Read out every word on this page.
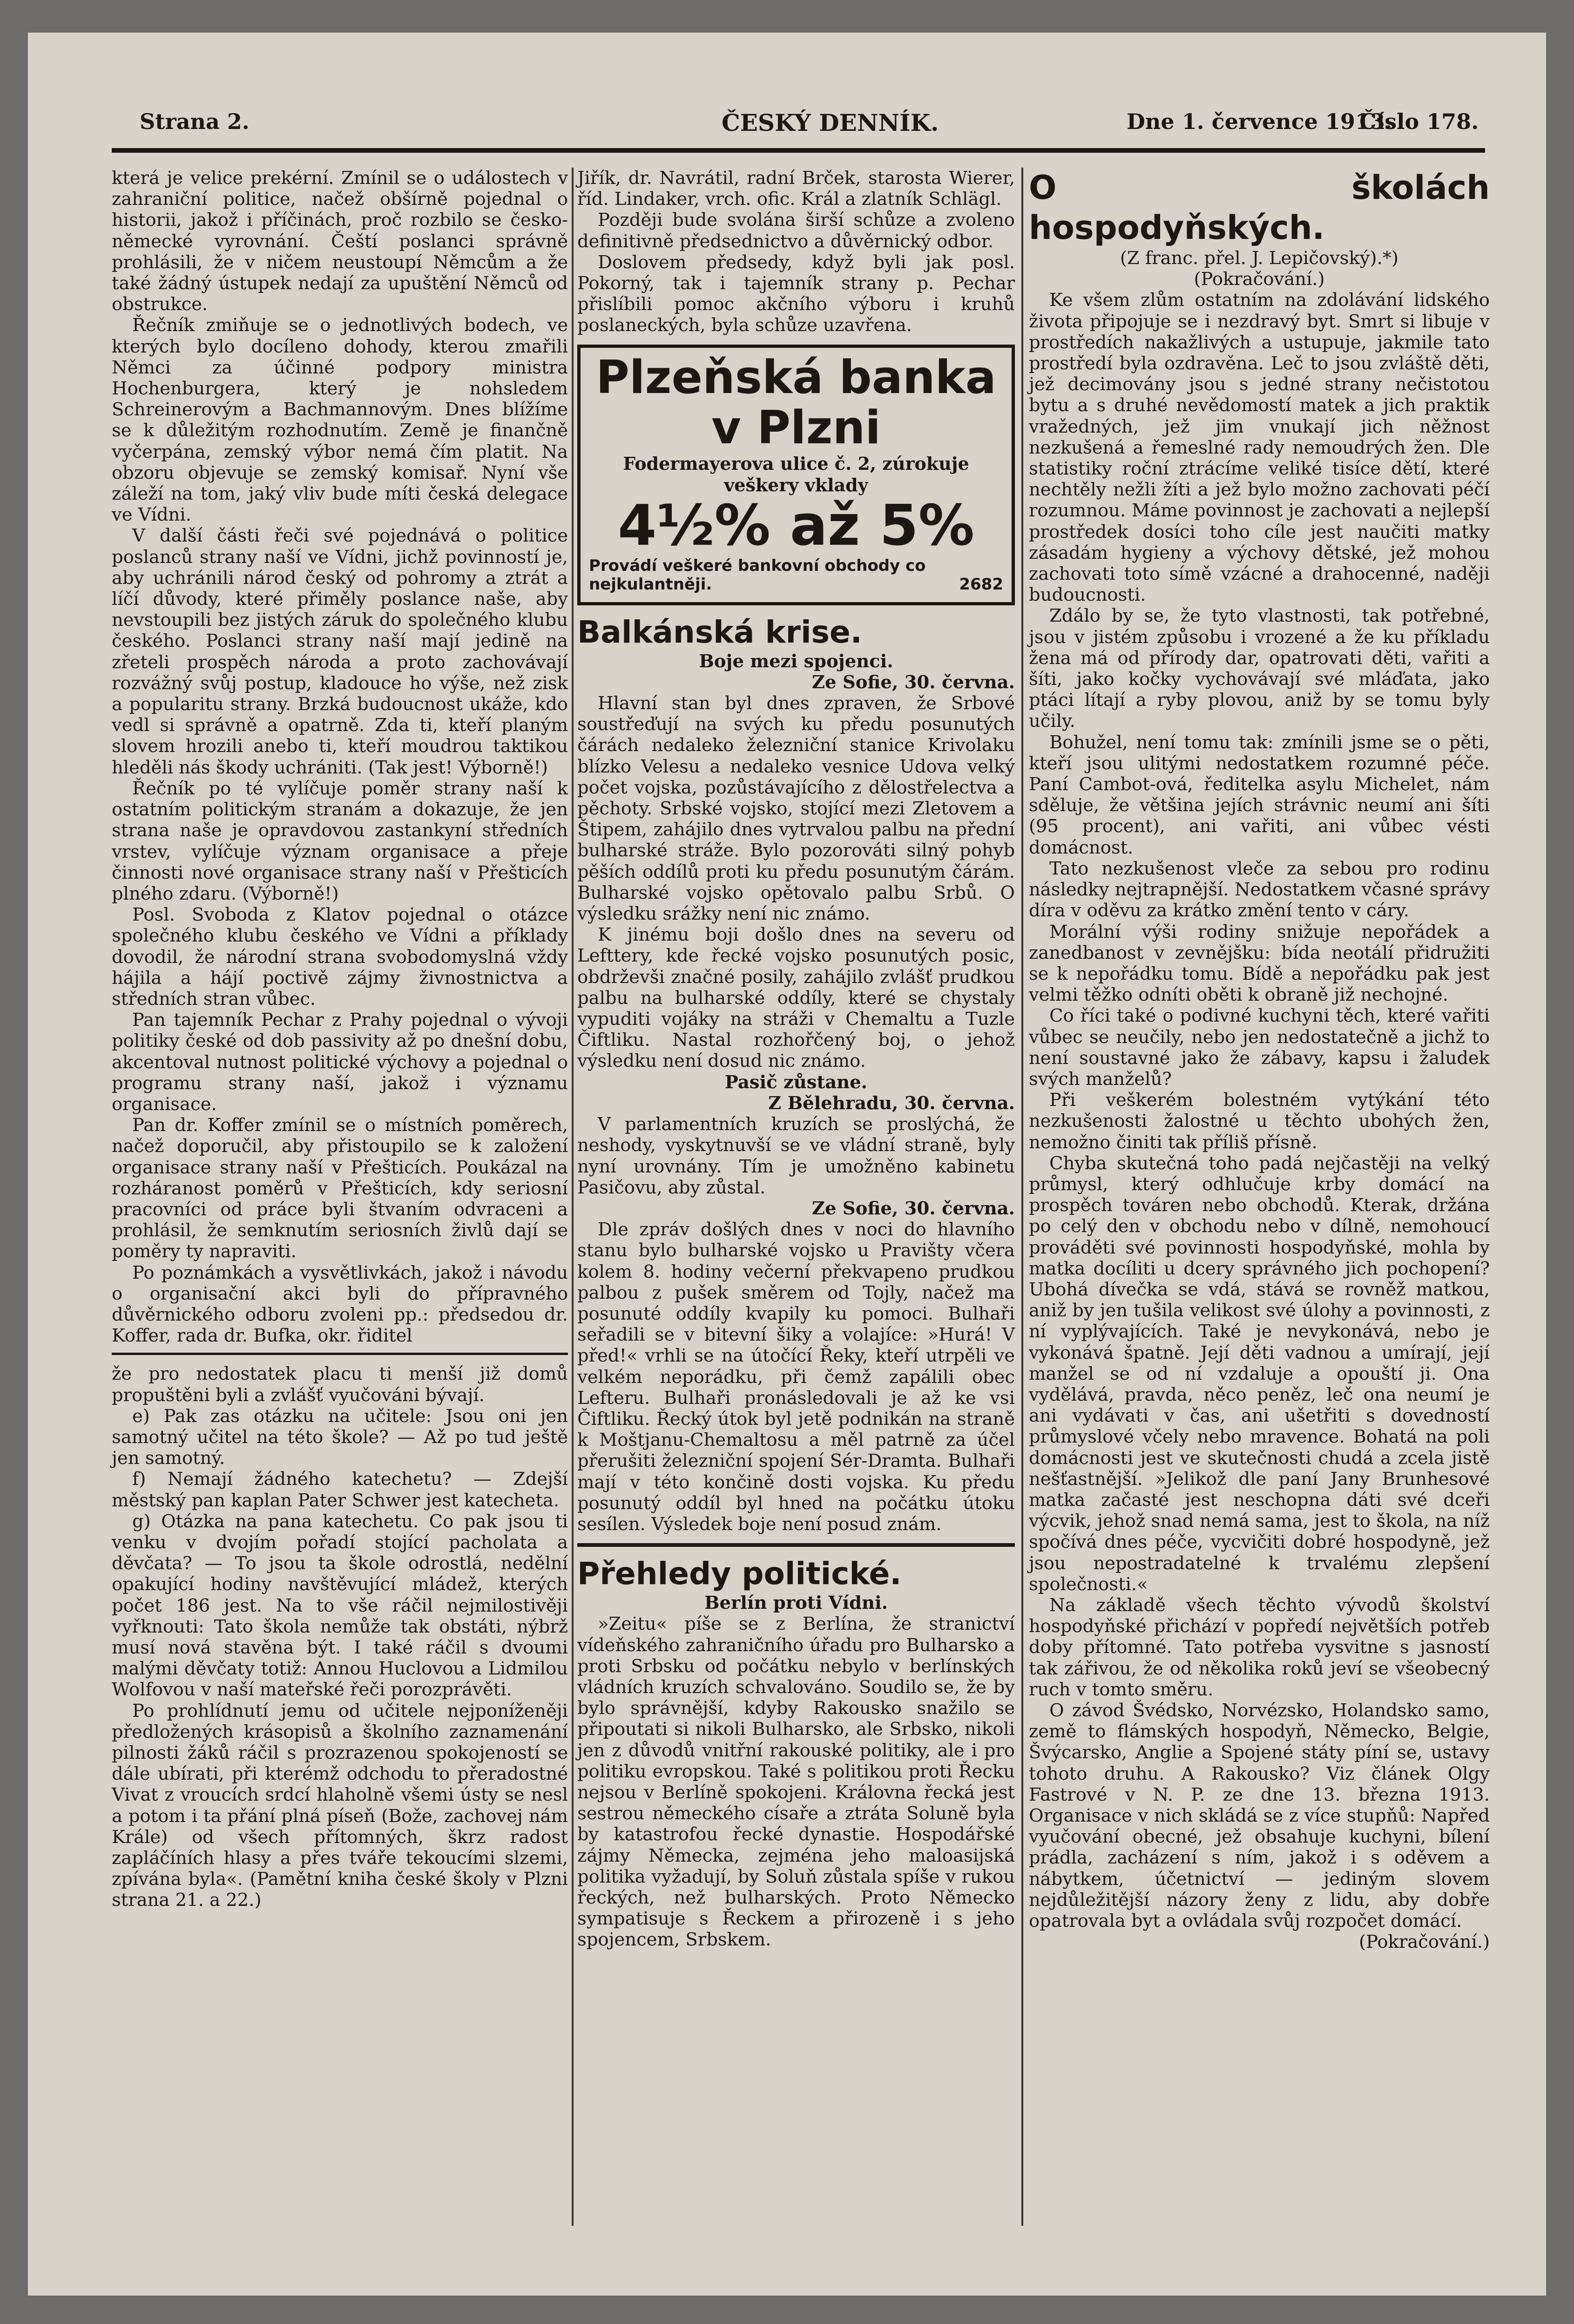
Strana 2.	ČESKÝ DENNÍK.	Dne 1. července 1913.
Číslo 178.

která je velice prekérní. Zmínil se o událostech v zahraniční politice, načež obšírně pojednal o historii, jakož i příčinách, proč rozbilo se česko-německé vyrovnání. Čeští poslanci správně prohlásili, že v ničem neustoupí Němcům a že také žádný ústupek nedají za upuštění Němců od obstrukce.

Řečník zmiňuje se o jednotlivých bodech, ve kterých bylo docíleno dohody, kterou zmařili Němci za účinné podpory ministra Hochenburgera, který je nohsledem Schreinerovým a Bachmannovým. Dnes blížíme se k důležitým rozhodnutím. Země je finančně vyčerpána, zemský výbor nemá čím platit. Na obzoru objevuje se zemský komisař. Nyní vše záleží na tom, jaký vliv bude míti česká delegace ve Vídni.

V další části řeči své pojednává o politice poslanců strany naší ve Vídni, jichž povinností je, aby uchránili národ český od pohromy a ztrát a líčí důvody, které přiměly poslance naše, aby nevstoupili bez jistých záruk do společného klubu českého. Poslanci strany naší mají jedině na zřeteli prospěch národa a proto zachovávají rozvážný svůj postup, kladouce ho výše, než zisk a popularitu strany. Brzká budoucnost ukáže, kdo vedl si správně a opatrně. Zda ti, kteří planým slovem hrozili anebo ti, kteří moudrou taktikou hleděli nás škody uchrániti. (Tak jest! Výborně!)

Řečník po té vylíčuje poměr strany naší k ostatním politickým stranám a dokazuje, že jen strana naše je opravdovou zastankyní středních vrstev, vylíčuje význam organisace a přeje činnosti nové organisace strany naší v Přešticích plného zdaru. (Výborně!)

Posl. Svoboda z Klatov pojednal o otázce společného klubu českého ve Vídni a příklady dovodil, že národní strana svobodomyslná vždy hájila a hájí poctivě zájmy živnostnictva a středních stran vůbec.

Pan tajemník Pechar z Prahy pojednal o vývoji politiky české od dob passivity až po dnešní dobu, akcentoval nutnost politické výchovy a pojednal o programu strany naší, jakož i významu organisace.

Pan dr. Koffer zmínil se o místních poměrech, načež doporučil, aby přistoupilo se k založení organisace strany naší v Přešticích. Poukázal na rozháranost poměrů v Přešticích, kdy seriosní pracovníci od práce byli štvaním odvraceni a prohlásil, že semknutím seriosních živlů dají se poměry ty napraviti.

Po poznámkách a vysvětlivkách, jakož i návodu o organisační akci byli do přípravného důvěrnického odboru zvoleni pp.: předsedou dr. Koffer, rada dr. Bufka, okr. řiditel

že pro nedostatek placu ti menší již domů propuštěni byli a zvlášť vyučováni bývají.

e) Pak zas otázku na učitele: Jsou oni jen samotný učitel na této škole? — Až po tud ještě jen samotný.

f) Nemají žádného katechetu? — Zdejší městský pan kaplan Pater Schwer jest katecheta.

g) Otázka na pana katechetu. Co pak jsou ti venku v dvojím pořadí stojící pacholata a děvčata? — To jsou ta škole odrostlá, nedělní opakující hodiny navštěvující mládež, kterých počet 186 jest. Na to vše ráčil nejmilostivěji vyřknouti: Tato škola nemůže tak obstáti, nýbrž musí nová stavěna být. I také ráčil s dvoumi malými děvčaty totiž: Annou Huclovou a Lidmilou Wolfovou v naší mateřské řeči porozprávěti.

Po prohlídnutí jemu od učitele nejponíženěji předložených krásopisů a školního zaznamenání pilnosti žáků ráčil s prozrazenou spokojeností se dále ubírati, při kterémž odchodu to přeradostné Vivat z vroucích srdcí hlaholně všemi ústy se nesl a potom i ta přání plná píseň (Bože, zachovej nám Krále) od všech přítomných, škrz radost zapláčíních hlasy a přes tváře tekoucími slzemi, zpívána byla«. (Pamětní kniha české školy v Plzni strana 21. a 22.)

Jiřík, dr. Navrátil, radní Brček, starosta Wierer, říd. Lindaker, vrch. ofic. Král a zlatník Schlägl.

Později bude svolána širší schůze a zvoleno definitivně předsednictvo a důvěrnický odbor.

Doslovem předsedy, když byli jak posl. Pokorný, tak i tajemník strany p. Pechar přislíbili pomoc akčního výboru i kruhů poslaneckých, byla schůze uzavřena.

Plzeňská banka
v Plzni
Fodermayerova ulice č. 2, zúrokuje
veškery vklady
4½% až 5%
Provádí veškeré bankovní obchody co nejkulantněji.	2682

Balkánská krise.

Boje mezi spojenci.

Ze Sofie, 30. června.

Hlavní stan byl dnes zpraven, že Srbové soustřeďují na svých ku předu posunutých čárách nedaleko železniční stanice Krivolaku blízko Velesu a nedaleko vesnice Udova velký počet vojska, pozůstávajícího z dělostřelectva a pěchoty. Srbské vojsko, stojící mezi Zletovem a Štipem, zahájilo dnes vytrvalou palbu na přední bulharské stráže. Bylo pozorováti silný pohyb pěších oddílů proti ku předu posunutým čárám. Bulharské vojsko opětovalo palbu Srbů. O výsledku srážky není nic známo.

K jinému boji došlo dnes na severu od Lefttery, kde řecké vojsko posunutých posic, obdrževši značné posily, zahájilo zvlášť prudkou palbu na bulharské oddíly, které se chystaly vypuditi vojáky na stráži v Chemaltu a Tuzle Čiftliku. Nastal rozhořčený boj, o jehož výsledku není dosud nic známo.

Pasič zůstane.

Z Bělehradu, 30. června.

V parlamentních kruzích se proslýchá, že neshody, vyskytnuvší se ve vládní straně, byly nyní urovnány. Tím je umožněno kabinetu Pasičovu, aby zůstal.

Ze Sofie, 30. června.

Dle zpráv došlých dnes v noci do hlavního stanu bylo bulharské vojsko u Pravišty včera kolem 8. hodiny večerní překvapeno prudkou palbou z pušek směrem od Tojly, načež ma posunuté oddíly kvapily ku pomoci. Bulhaři seřadili se v bitevní šiky a volajíce: »Hurá! V před!« vrhli se na útočící Řeky, kteří utrpěli ve velkém neporádku, při čemž zapálili obec Lefteru. Bulhaři pronásledovali je až ke vsi Čiftliku. Řecký útok byl jetě podnikán na straně k Moštjanu-Chemaltosu a měl patrně za účel přerušiti železniční spojení Sér-Dramta. Bulhaři mají v této končině dosti vojska. Ku předu posunutý oddíl byl hned na počátku útoku sesílen. Výsledek boje není posud znám.

Přehledy politické.

Berlín proti Vídni.

»Zeitu« píše se z Berlína, že stranictví vídeňského zahraničního úřadu pro Bulharsko a proti Srbsku od počátku nebylo v berlínských vládních kruzích schvalováno. Soudilo se, že by bylo správnější, kdyby Rakousko snažilo se připoutati si nikoli Bulharsko, ale Srbsko, nikoli jen z důvodů vnitřní rakouské politiky, ale i pro politiku evropskou. Také s politikou proti Řecku nejsou v Berlíně spokojeni. Královna řecká jest sestrou německého císaře a ztráta Soluně byla by katastrofou řecké dynastie. Hospodářské zájmy Německa, zejména jeho maloasijská politika vyžadují, by Soluň zůstala spíše v rukou řeckých, než bulharských. Proto Německo sympatisuje s Řeckem a přirozeně i s jeho spojencem, Srbskem.

O školách hospodyňských.

(Z franc. přel. J. Lepičovský).*)

(Pokračování.)

Ke všem zlům ostatním na zdolávání lidského života připojuje se i nezdravý byt. Smrt si libuje v prostředích nakažlivých a ustupuje, jakmile tato prostředí byla ozdravěna. Leč to jsou zvláště děti, jež decimovány jsou s jedné strany nečistotou bytu a s druhé nevědomostí matek a jich praktik vražedných, jež jim vnukají jich něžnost nezkušená a řemeslné rady nemoudrých žen. Dle statistiky roční ztrácíme veliké tisíce dětí, které nechtěly nežli žíti a jež bylo možno zachovati péčí rozumnou. Máme povinnost je zachovati a nejlepší prostředek dosíci toho cíle jest naučiti matky zásadám hygieny a výchovy dětské, jež mohou zachovati toto símě vzácné a drahocenné, naději budoucnosti.

Zdálo by se, že tyto vlastnosti, tak potřebné, jsou v jistém způsobu i vrozené a že ku příkladu žena má od přírody dar, opatrovati děti, vařiti a šíti, jako kočky vychovávají své mláďata, jako ptáci lítají a ryby plovou, aniž by se tomu byly učily.

Bohužel, není tomu tak: zmínili jsme se o pěti, kteří jsou ulitými nedostatkem rozumné péče. Paní Cambot-ová, ředitelka asylu Michelet, nám sděluje, že většina jejích strávnic neumí ani šíti (95 procent), ani vařiti, ani vůbec vésti domácnost.

Tato nezkušenost vleče za sebou pro rodinu následky nejtrapnější. Nedostatkem včasné správy díra v oděvu za krátko změní tento v cáry.

Morální výši rodiny snižuje nepořádek a zanedbanost v zevnějšku: bída neotálí přidružiti se k nepořádku tomu. Bídě a nepořádku pak jest velmi těžko odníti oběti k obraně již nechojné.

Co říci také o podivné kuchyni těch, které vařiti vůbec se neučily, nebo jen nedostatečně a jichž to není soustavné jako že zábavy, kapsu i žaludek svých manželů?

Při veškerém bolestném vytýkání této nezkušenosti žalostné u těchto ubohých žen, nemožno činiti tak příliš přísně.

Chyba skutečná toho padá nejčastěji na velký průmysl, který odhlučuje krby domácí na prospěch továren nebo obchodů. Kterak, držána po celý den v obchodu nebo v dílně, nemohoucí prováděti své povinnosti hospodyňské, mohla by matka docíliti u dcery správného jich pochopení? Ubohá dívečka se vdá, stává se rovněž matkou, aniž by jen tušila velikost své úlohy a povinnosti, z ní vyplývajících. Také je nevykonává, nebo je vykonává špatně. Její děti vadnou a umírají, její manžel se od ní vzdaluje a opouští ji. Ona vydělává, pravda, něco peněz, leč ona neumí je ani vydávati v čas, ani ušetřiti s dovedností průmyslové včely nebo mravence. Bohatá na poli domácnosti jest ve skutečnosti chudá a zcela jistě nešťastnější. »Jelikož dle paní Jany Brunhesové matka začasté jest neschopna dáti své dceři výcvik, jehož snad nemá sama, jest to škola, na níž spočívá dnes péče, vycvičiti dobré hospodyně, jež jsou nepostradatelné k trvalému zlepšení společnosti.«

Na základě všech těchto vývodů školství hospodyňské přichází v popředí největších potřeb doby přítomné. Tato potřeba vysvitne s jasností tak zářivou, že od několika roků jeví se všeobecný ruch v tomto směru.

O závod Švédsko, Norvézsko, Holandsko samo, země to flámských hospodyň, Německo, Belgie, Švýcarsko, Anglie a Spojené státy píní se, ustavy tohoto druhu. A Rakousko? Viz článek Olgy Fastrové v N. P. ze dne 13. března 1913. Organisace v nich skládá se z více stupňů: Napřed vyučování obecné, jež obsahuje kuchyni, bílení prádla, zacházení s ním, jakož i s oděvem a nábytkem, účetnictví — jediným slovem nejdůležitější názory ženy z lidu, aby dobře opatrovala byt a ovládala svůj rozpočet domácí.

(Pokračování.)
